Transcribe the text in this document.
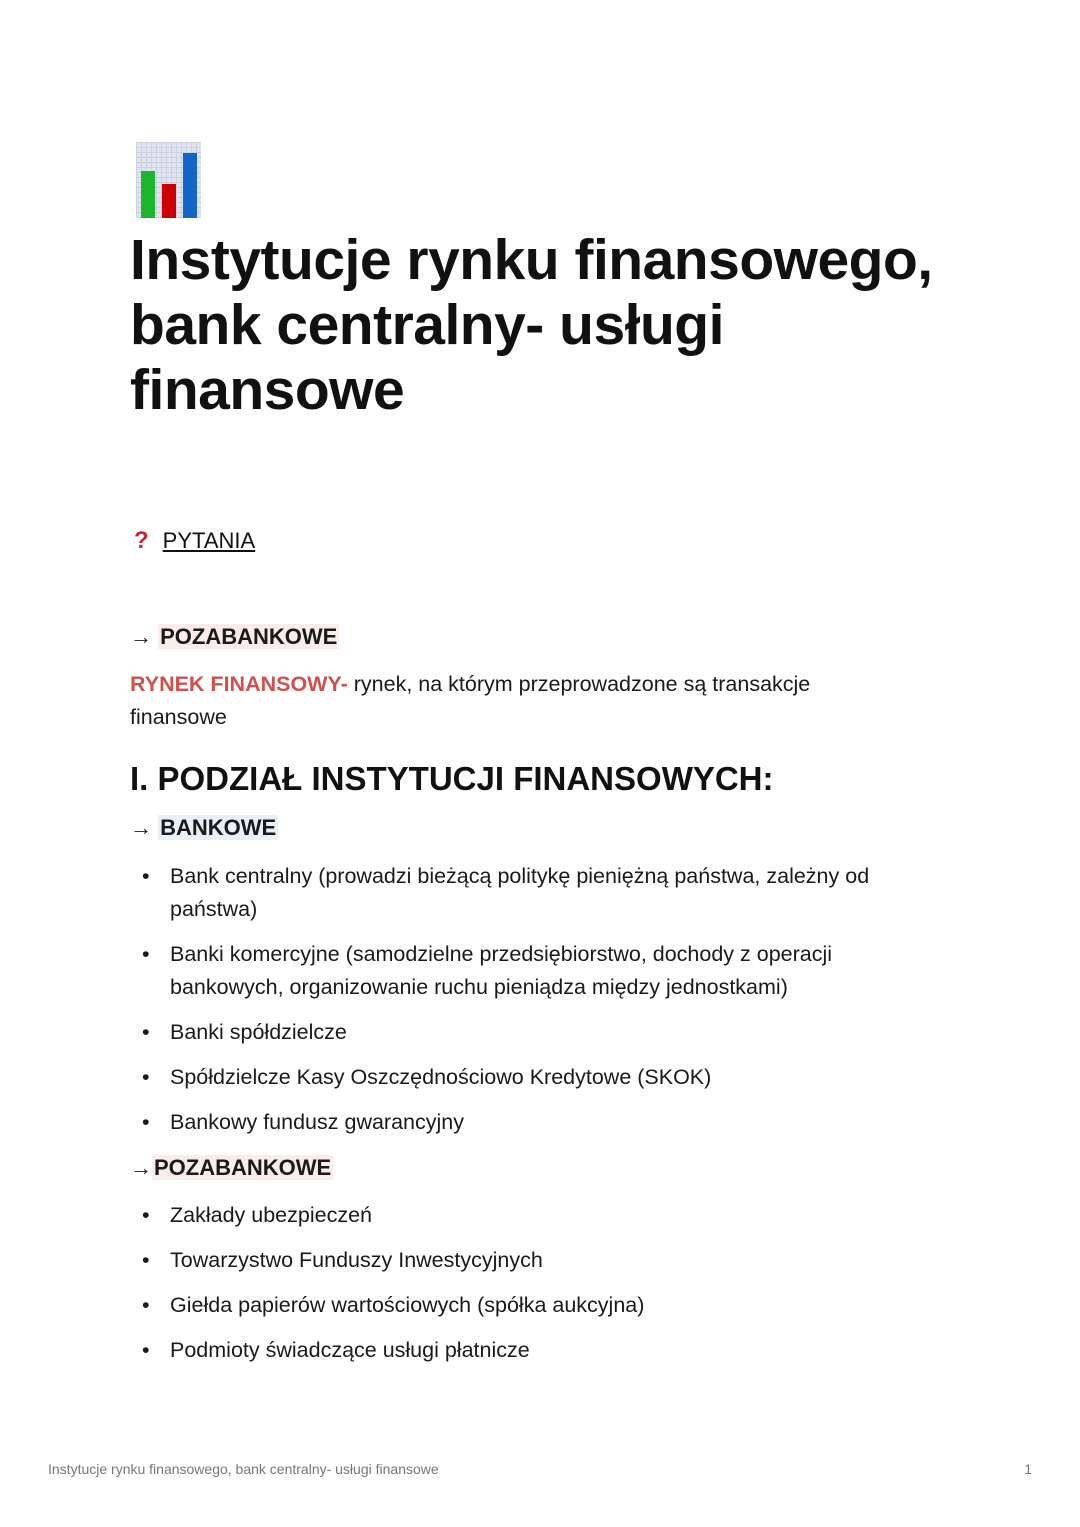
Instytucje rynku finansowego, bank centralny- usługi finansowe
? PYTANIA
→ POZABANKOWE
RYNEK FINANSOWY- rynek, na którym przeprowadzone są transakcje finansowe
I. PODZIAŁ INSTYTUCJI FINANSOWYCH:
→ BANKOWE
• Bank centralny (prowadzi bieżącą politykę pieniężną państwa, zależny od państwa)
• Banki komercyjne (samodzielne przedsiębiorstwo, dochody z operacji bankowych, organizowanie ruchu pieniądza między jednostkami)
• Banki spółdzielcze
• Spółdzielcze Kasy Oszczędnościowo Kredytowe (SKOK)
• Bankowy fundusz gwarancyjny
→POZABANKOWE
• Zakłady ubezpieczeń
• Towarzystwo Funduszy Inwestycyjnych
• Giełda papierów wartościowych (spółka aukcyjna)
• Podmioty świadczące usługi płatnicze
Instytucje rynku finansowego, bank centralny- usługi finansowe	1
